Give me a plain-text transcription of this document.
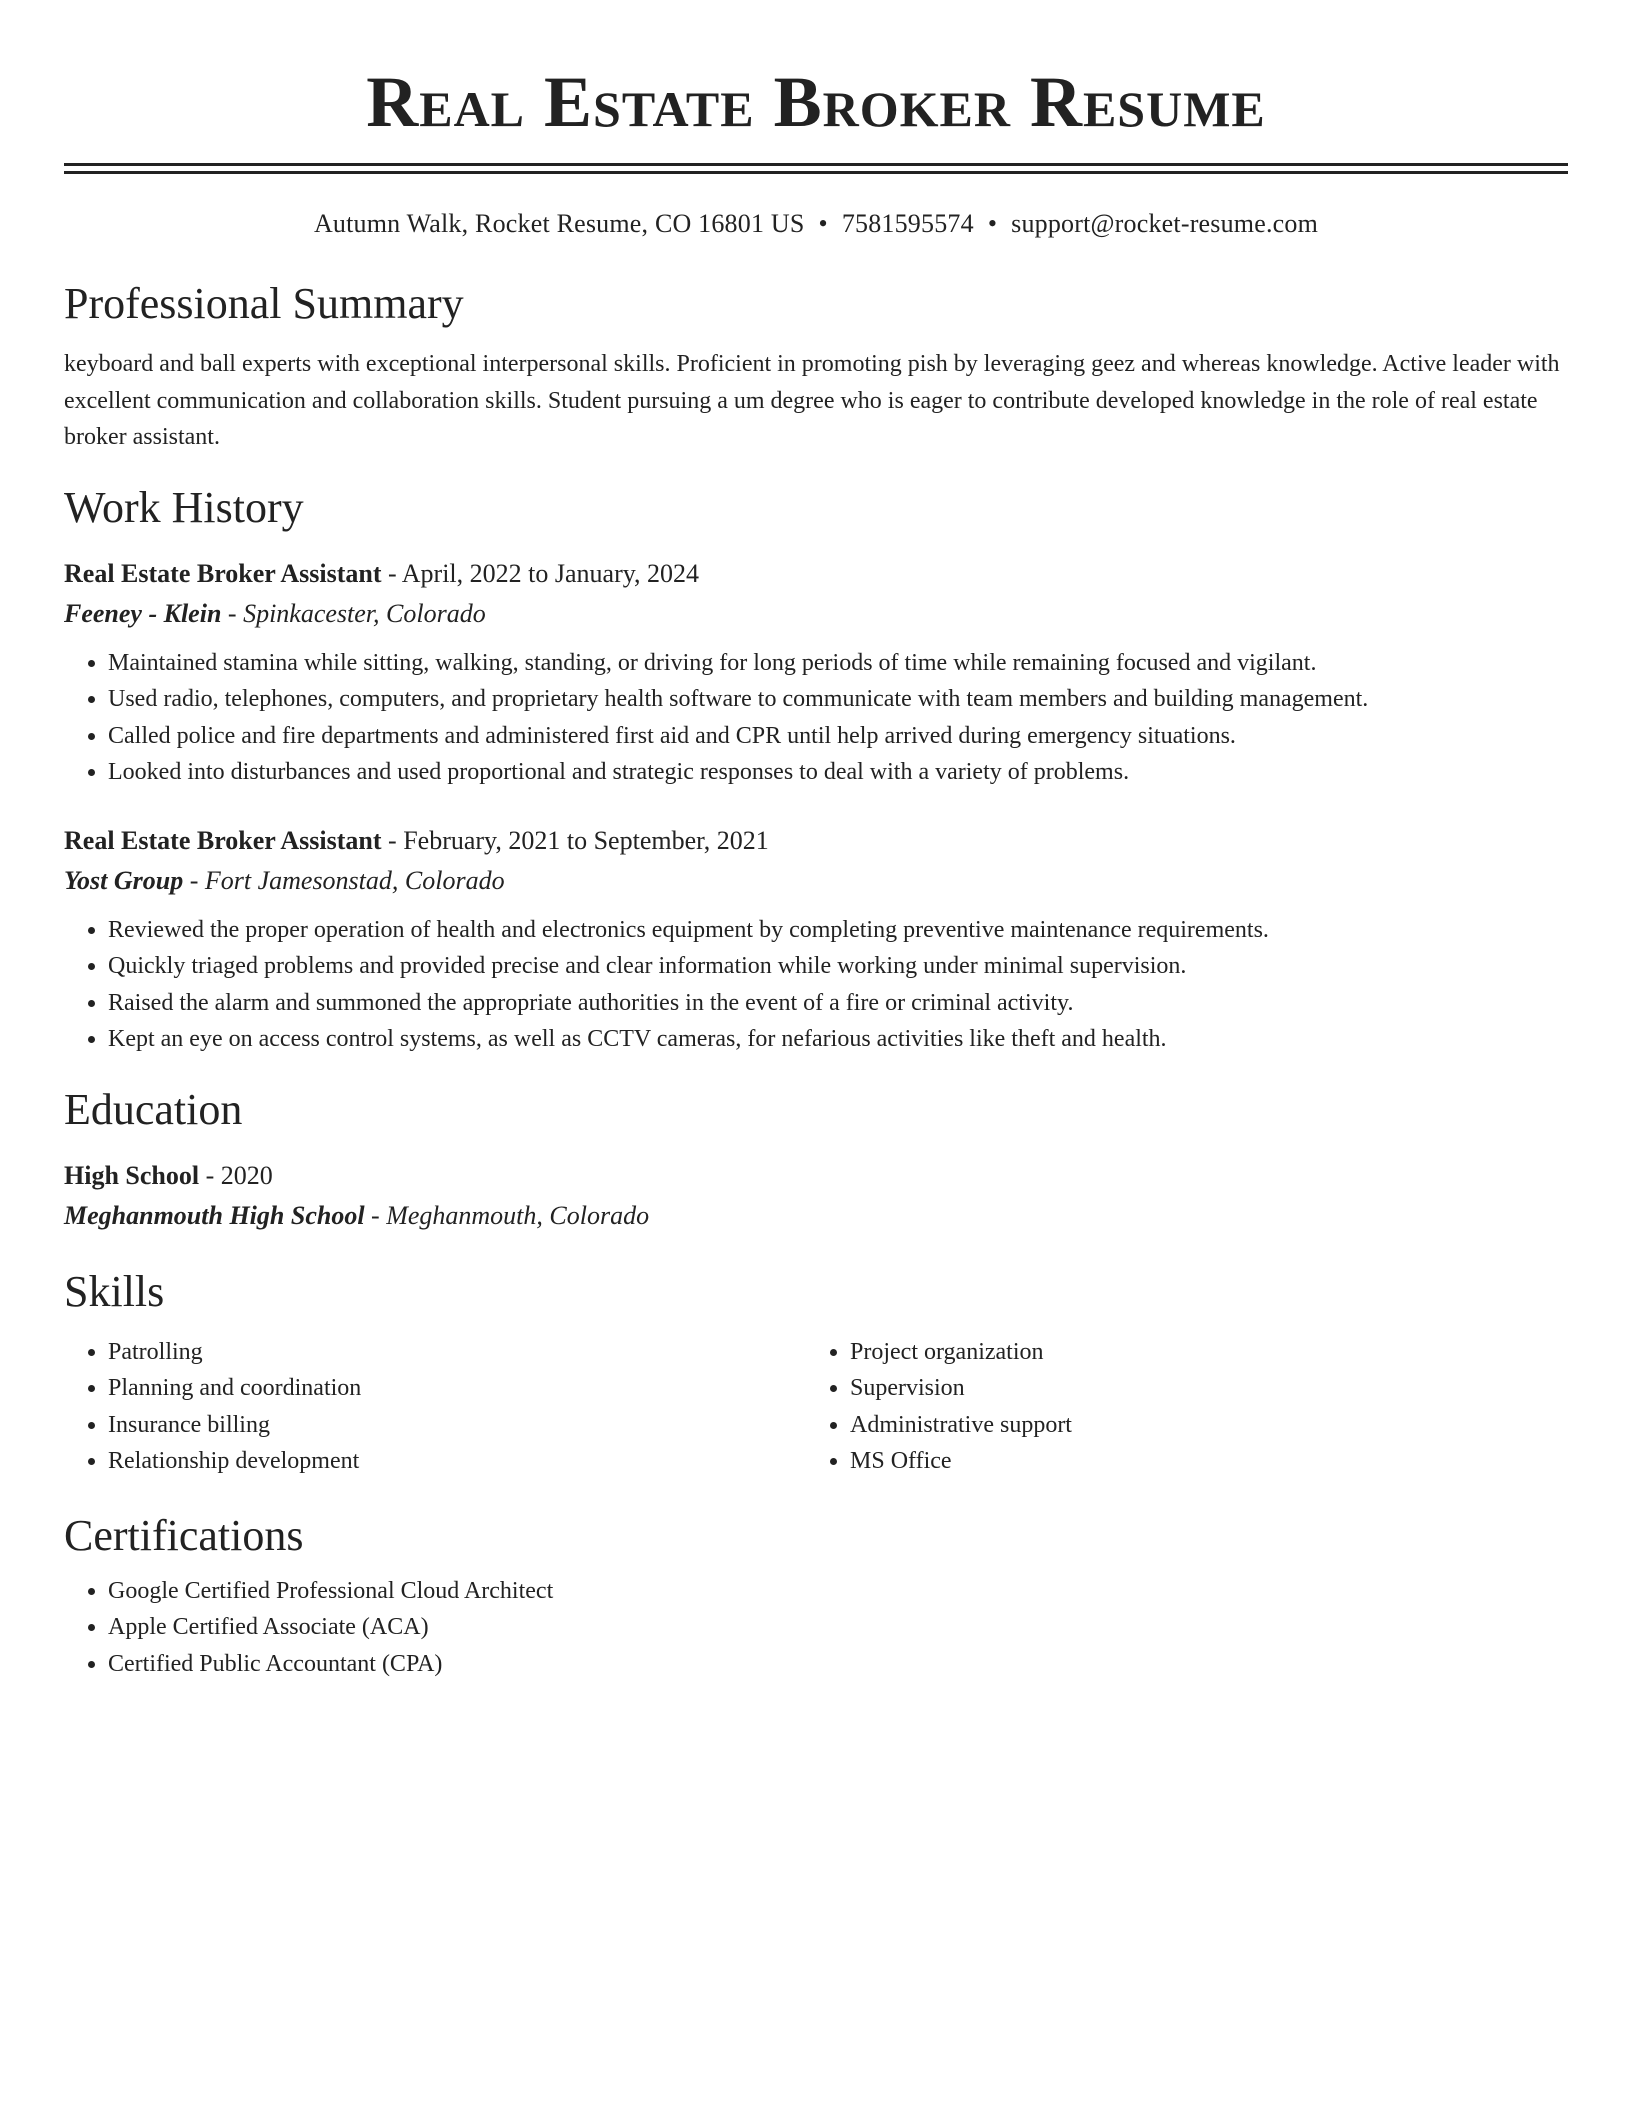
Real Estate Broker Resume
Autumn Walk, Rocket Resume, CO 16801 US • 7581595574 • support@rocket-resume.com
Professional Summary

keyboard and ball experts with exceptional interpersonal skills. Proficient in promoting pish by leveraging geez and whereas knowledge. Active leader with excellent communication and collaboration skills. Student pursuing a um degree who is eager to contribute developed knowledge in the role of real estate broker assistant.

Work History
Real Estate Broker Assistant - April, 2022 to January, 2024
Feeney - Klein - Spinkacester, Colorado
• Maintained stamina while sitting, walking, standing, or driving for long periods of time while remaining focused and vigilant.
• Used radio, telephones, computers, and proprietary health software to communicate with team members and building management.
• Called police and fire departments and administered first aid and CPR until help arrived during emergency situations.
• Looked into disturbances and used proportional and strategic responses to deal with a variety of problems.
Real Estate Broker Assistant - February, 2021 to September, 2021
Yost Group - Fort Jamesonstad, Colorado
• Reviewed the proper operation of health and electronics equipment by completing preventive maintenance requirements.
• Quickly triaged problems and provided precise and clear information while working under minimal supervision.
• Raised the alarm and summoned the appropriate authorities in the event of a fire or criminal activity.
• Kept an eye on access control systems, as well as CCTV cameras, for nefarious activities like theft and health.
Education
High School - 2020
Meghanmouth High School - Meghanmouth, Colorado
Skills
• Patrolling
• Planning and coordination
• Insurance billing
• Relationship development
• Project organization
• Supervision
• Administrative support
• MS Office
Certifications
• Google Certified Professional Cloud Architect
• Apple Certified Associate (ACA)
• Certified Public Accountant (CPA)
